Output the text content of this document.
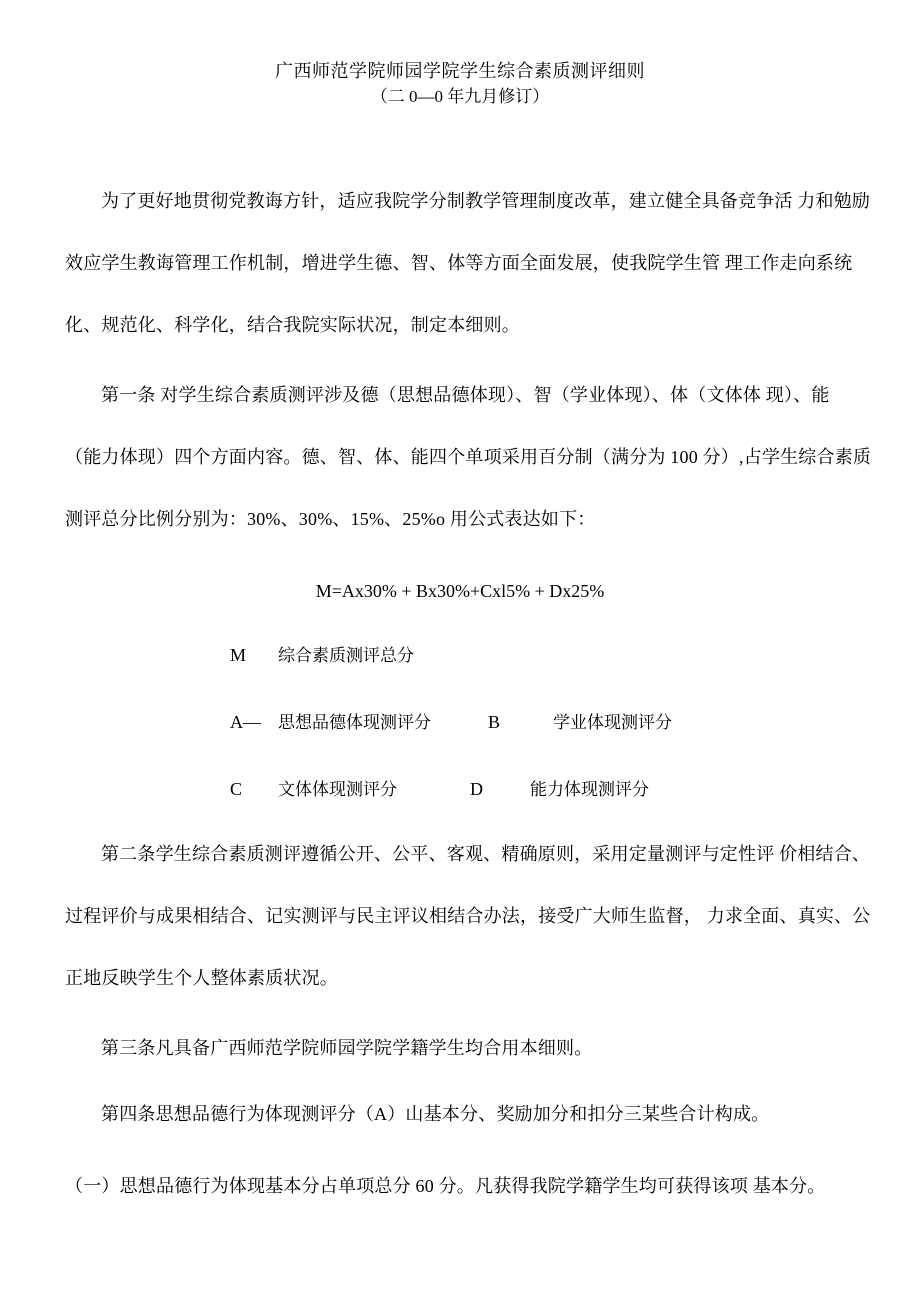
广西师范学院师园学院学生综合素质测评细则
（二 0—0 年九月修订）
为了更好地贯彻党教诲方针，适应我院学分制教学管理制度改革，建立健全具备竞争活 力和勉励
效应学生教诲管理工作机制，增进学生德、智、体等方面全面发展，使我院学生管 理工作走向系统
化、规范化、科学化，结合我院实际状况，制定本细则。
第一条 对学生综合素质测评涉及德（思想品德体现）、智（学业体现）、体（文体体 现）、能
（能力体现）四个方面内容。德、智、体、能四个单项采用百分制（满分为 100 分）,占学生综合素质
测评总分比例分别为：30%、30%、15%、25%o 用公式表达如下：
M=Ax30% + Bx30%+Cxl5% + Dx25%
M 综合素质测评总分
A— 思想品德体现测评分	B	学业体现测评分
C 文体体现测评分	D	能力体现测评分
第二条学生综合素质测评遵循公开、公平、客观、精确原则，采用定量测评与定性评 价相结合、
过程评价与成果相结合、记实测评与民主评议相结合办法，接受广大师生监督， 力求全面、真实、公
正地反映学生个人整体素质状况。
第三条凡具备广西师范学院师园学院学籍学生均合用本细则。
第四条思想品德行为体现测评分（A）山基本分、奖励加分和扣分三某些合计构成。
（一）思想品德行为体现基本分占单项总分 60 分。凡获得我院学籍学生均可获得该项 基本分。
